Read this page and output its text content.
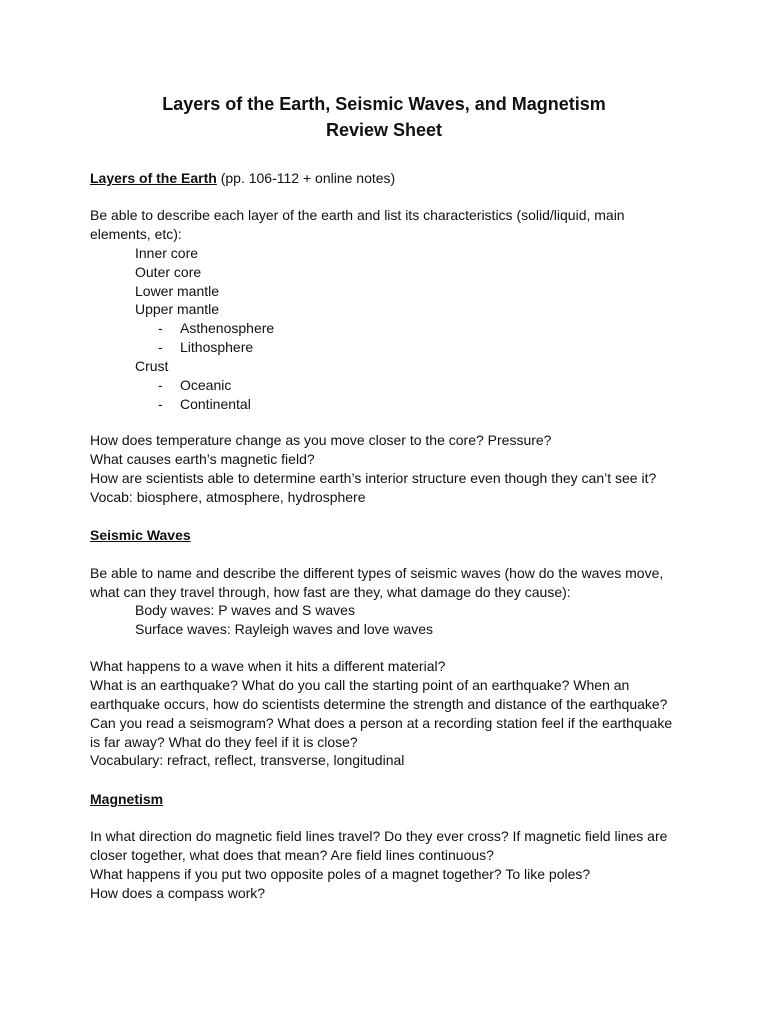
Layers of the Earth, Seismic Waves, and Magnetism
Review Sheet
Layers of the Earth (pp. 106-112 + online notes)
Be able to describe each layer of the earth and list its characteristics (solid/liquid, main
elements, etc):
Inner core
Outer core
Lower mantle
Upper mantle
- Asthenosphere
- Lithosphere
Crust
- Oceanic
- Continental
How does temperature change as you move closer to the core? Pressure?
What causes earth’s magnetic field?
How are scientists able to determine earth’s interior structure even though they can’t see it?
Vocab: biosphere, atmosphere, hydrosphere
Seismic Waves
Be able to name and describe the different types of seismic waves (how do the waves move,
what can they travel through, how fast are they, what damage do they cause):
Body waves: P waves and S waves
Surface waves: Rayleigh waves and love waves
What happens to a wave when it hits a different material?
What is an earthquake? What do you call the starting point of an earthquake? When an
earthquake occurs, how do scientists determine the strength and distance of the earthquake?
Can you read a seismogram? What does a person at a recording station feel if the earthquake
is far away? What do they feel if it is close?
Vocabulary: refract, reflect, transverse, longitudinal
Magnetism
In what direction do magnetic field lines travel? Do they ever cross? If magnetic field lines are
closer together, what does that mean? Are field lines continuous?
What happens if you put two opposite poles of a magnet together? To like poles?
How does a compass work?
